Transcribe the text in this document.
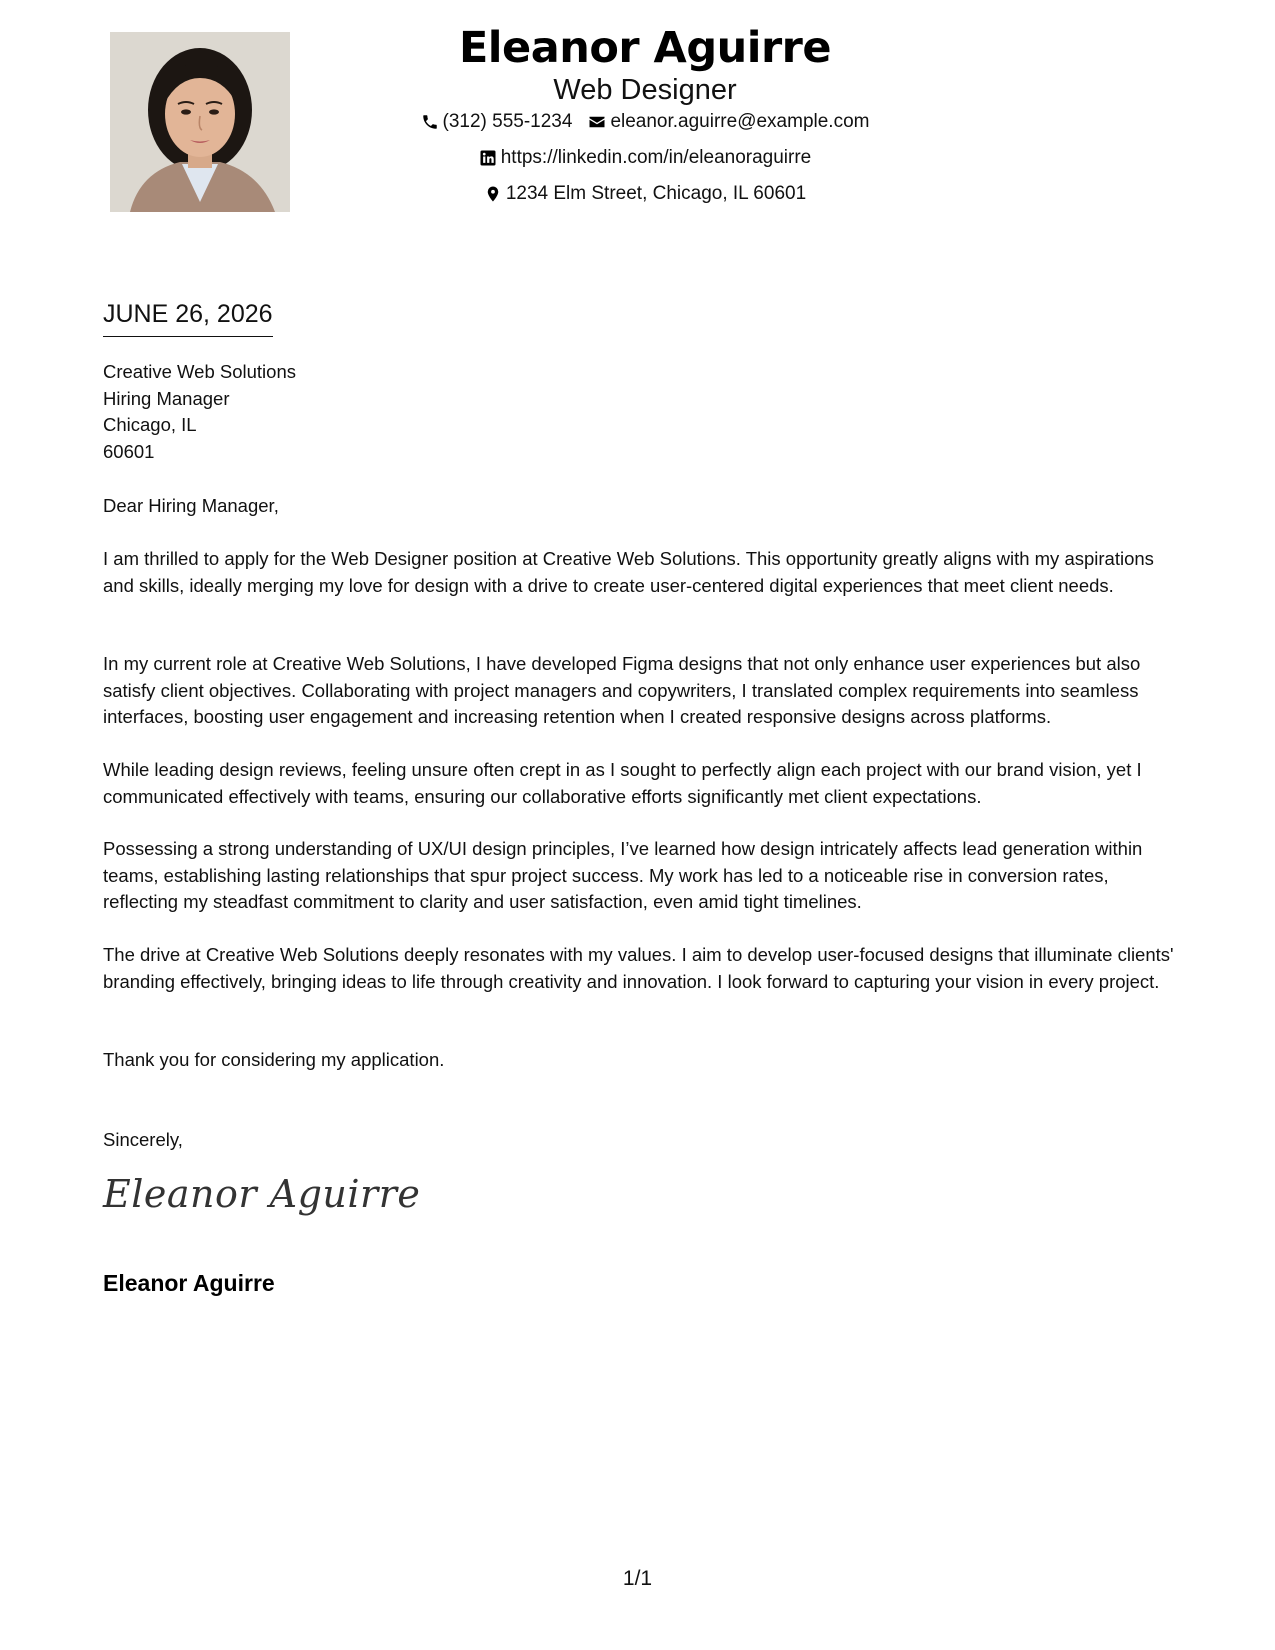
Eleanor Aguirre
Web Designer
(312) 555-1234 eleanor.aguirre@example.com
https://linkedin.com/in/eleanoraguirre
1234 Elm Street, Chicago, IL 60601
JUNE 26, 2026
Creative Web Solutions
Hiring Manager
Chicago, IL
60601
Dear Hiring Manager,
I am thrilled to apply for the Web Designer position at Creative Web Solutions. This opportunity greatly aligns with my aspirations and skills, ideally merging my love for design with a drive to create user-centered digital experiences that meet client needs.
In my current role at Creative Web Solutions, I have developed Figma designs that not only enhance user experiences but also satisfy client objectives. Collaborating with project managers and copywriters, I translated complex requirements into seamless interfaces, boosting user engagement and increasing retention when I created responsive designs across platforms.
While leading design reviews, feeling unsure often crept in as I sought to perfectly align each project with our brand vision, yet I communicated effectively with teams, ensuring our collaborative efforts significantly met client expectations.
Possessing a strong understanding of UX/UI design principles, I’ve learned how design intricately affects lead generation within teams, establishing lasting relationships that spur project success. My work has led to a noticeable rise in conversion rates, reflecting my steadfast commitment to clarity and user satisfaction, even amid tight timelines.
The drive at Creative Web Solutions deeply resonates with my values. I aim to develop user-focused designs that illuminate clients' branding effectively, bringing ideas to life through creativity and innovation. I look forward to capturing your vision in every project.
Thank you for considering my application.
Sincerely,
Eleanor Aguirre
Eleanor Aguirre
1/1
